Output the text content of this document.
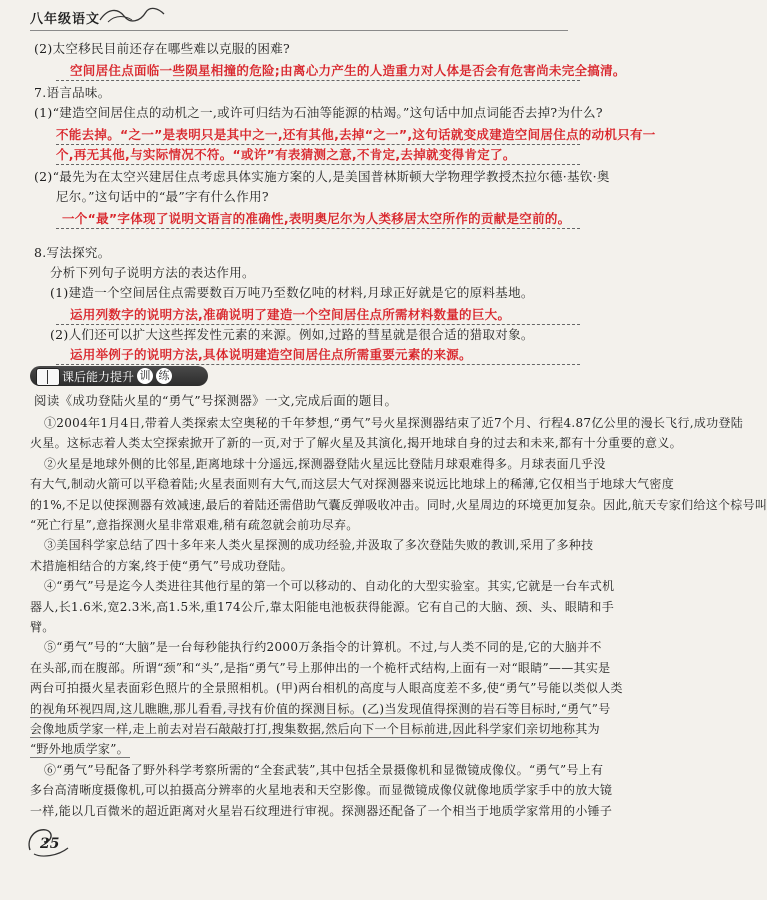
八年级语文
(2)太空移民目前还存在哪些难以克服的困难?
空间居住点面临一些陨星相撞的危险;由离心力产生的人造重力对人体是否会有危害尚未完全搞清。
7.语言品味。
(1)“建造空间居住点的动机之一,或许可归结为石油等能源的枯竭。”这句话中加点词能否去掉?为什么?
不能去掉。“之一”是表明只是其中之一,还有其他,去掉“之一”,这句话就变成建造空间居住点的动机只有一
个,再无其他,与实际情况不符。“或许”有表猜测之意,不肯定,去掉就变得肯定了。
(2)“最先为在太空兴建居住点考虑具体实施方案的人,是美国普林斯顿大学物理学教授杰拉尔德·基钦·奥
尼尔。”这句话中的“最”字有什么作用?
一个“最”字体现了说明文语言的准确性,表明奥尼尔为人类移居太空所作的贡献是空前的。
8.写法探究。
分析下列句子说明方法的表达作用。
(1)建造一个空间居住点需要数百万吨乃至数亿吨的材料,月球正好就是它的原料基地。
运用列数字的说明方法,准确说明了建造一个空间居住点所需材料数量的巨大。
(2)人们还可以扩大这些挥发性元素的来源。例如,过路的彗星就是很合适的猎取对象。
运用举例子的说明方法,具体说明建造空间居住点所需重要元素的来源。
课后能力提升 训 练
阅读《成功登陆火星的“勇气”号探测器》一文,完成后面的题目。
①2004年1月4日,带着人类探索太空奥秘的千年梦想,“勇气”号火星探测器结束了近7个月、行程4.87亿公里的漫长飞行,成功登陆
火星。这标志着人类太空探索掀开了新的一页,对于了解火星及其演化,揭开地球自身的过去和未来,都有十分重要的意义。
②火星是地球外侧的比邻星,距离地球十分遥远,探测器登陆火星远比登陆月球艰难得多。月球表面几乎没
有大气,制动火箭可以平稳着陆;火星表面则有大气,而这层大气对探测器来说远比地球上的稀薄,它仅相当于地球大气密度
的1%,不足以使探测器有效减速,最后的着陆还需借助气囊反弹吸收冲击。同时,火星周边的环境更加复杂。因此,航天专家们给这个棕号叫
“死亡行星”,意指探测火星非常艰难,稍有疏忽就会前功尽弃。
③美国科学家总结了四十多年来人类火星探测的成功经验,并汲取了多次登陆失败的教训,采用了多种技
术措施相结合的方案,终于使“勇气”号成功登陆。
④“勇气”号是迄今人类进往其他行星的第一个可以移动的、自动化的大型实验室。其实,它就是一台车式机
器人,长1.6米,宽2.3米,高1.5米,重174公斤,靠太阳能电池板获得能源。它有自己的大脑、颈、头、眼睛和手
臂。
⑤“勇气”号的“大脑”是一台每秒能执行约2000万条指令的计算机。不过,与人类不同的是,它的大脑并不
在头部,而在腹部。所谓“颈”和“头”,是指“勇气”号上那伸出的一个桅杆式结构,上面有一对“眼睛”——其实是
两台可拍摄火星表面彩色照片的全景照相机。(甲)两台相机的高度与人眼高度差不多,使“勇气”号能以类似人类
的视角环视四周,这儿瞧瞧,那儿看看,寻找有价值的探测目标。(乙)当发现值得探测的岩石等目标时,“勇气”号
会像地质学家一样,走上前去对岩石敲敲打打,搜集数据,然后向下一个目标前进,因此科学家们亲切地称其为
“野外地质学家”。
⑥“勇气”号配备了野外科学考察所需的“全套武装”,其中包括全景摄像机和显微镜成像仪。“勇气”号上有
多台高清晰度摄像机,可以拍摄高分辨率的火星地表和天空影像。而显微镜成像仪就像地质学家手中的放大镜
一样,能以几百微米的超近距离对火星岩石纹理进行审视。探测器还配备了一个相当于地质学家常用的小锤子
25
